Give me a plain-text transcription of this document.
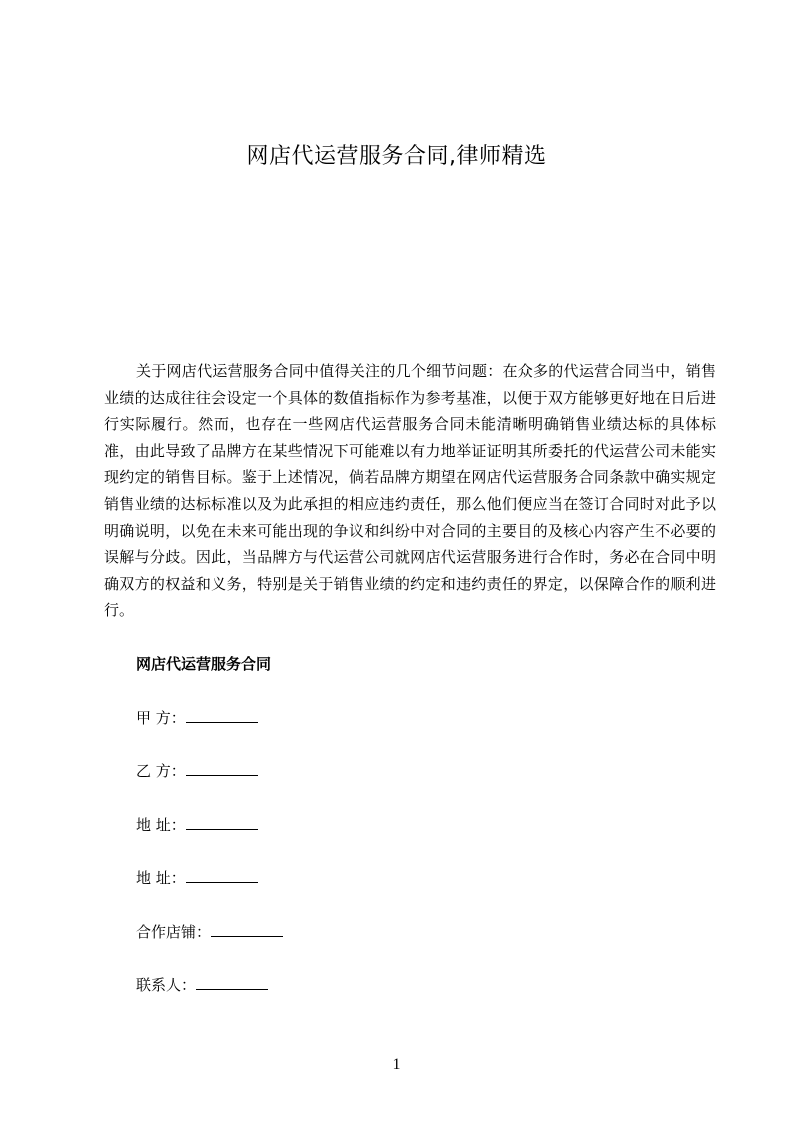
网店代运营服务合同,律师精选

关于网店代运营服务合同中值得关注的几个细节问题：在众多的代运营合同当中，销售业绩的达成往往会设定一个具体的数值指标作为参考基准，以便于双方能够更好地在日后进行实际履行。然而，也存在一些网店代运营服务合同未能清晰明确销售业绩达标的具体标准，由此导致了品牌方在某些情况下可能难以有力地举证证明其所委托的代运营公司未能实现约定的销售目标。鉴于上述情况，倘若品牌方期望在网店代运营服务合同条款中确实规定销售业绩的达标标准以及为此承担的相应违约责任，那么他们便应当在签订合同时对此予以明确说明，以免在未来可能出现的争议和纠纷中对合同的主要目的及核心内容产生不必要的误解与分歧。因此，当品牌方与代运营公司就网店代运营服务进行合作时，务必在合同中明确双方的权益和义务，特别是关于销售业绩的约定和违约责任的界定，以保障合作的顺利进行。

网店代运营服务合同
甲 方：
乙 方：
地 址：
地 址：
合作店铺：
联系人：
1
